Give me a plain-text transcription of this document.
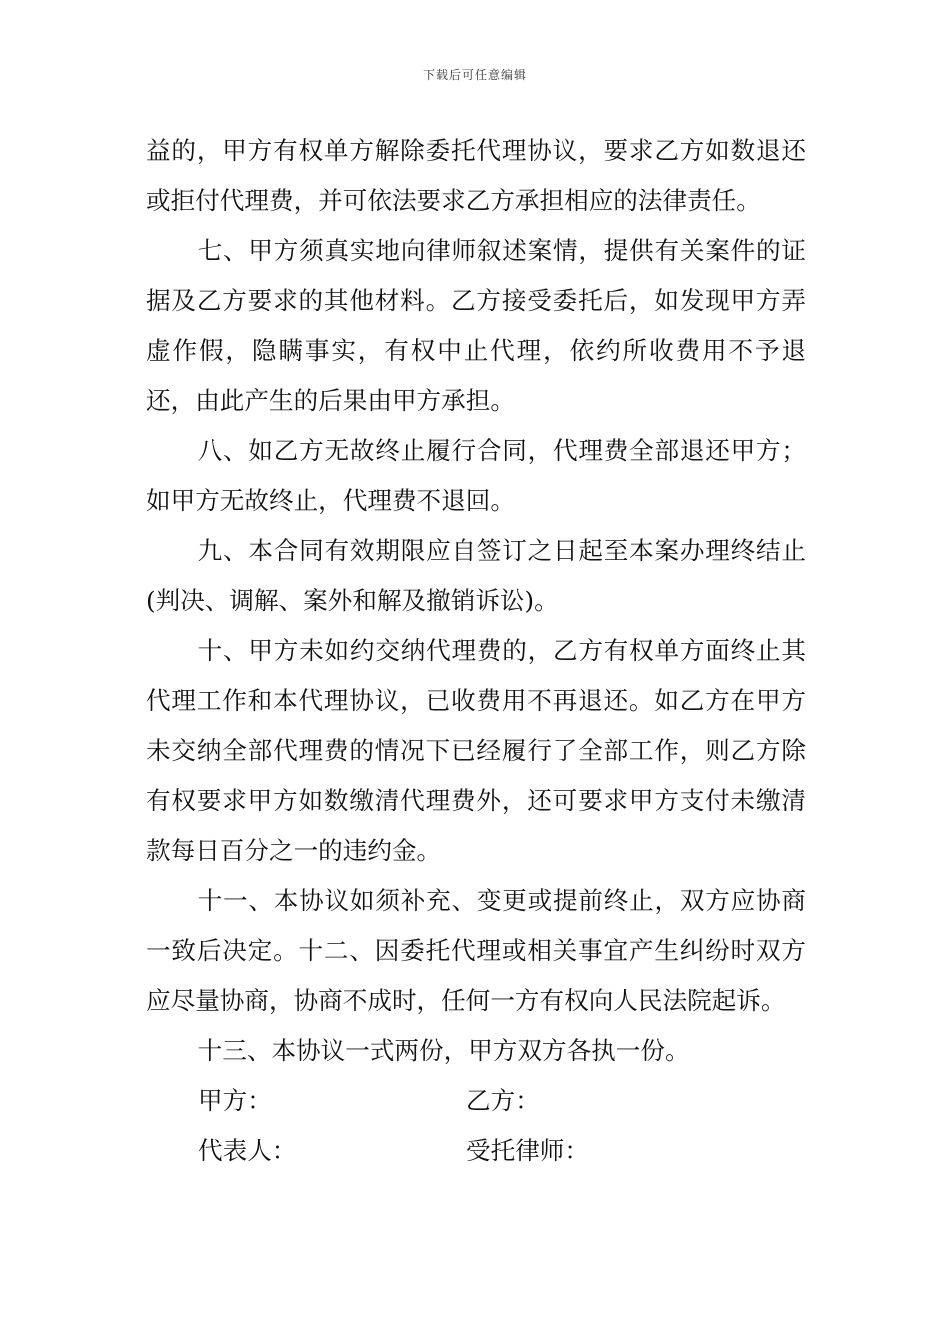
下载后可任意编辑

益的，甲方有权单方解除委托代理协议，要求乙方如数退还或拒付代理费，并可依法要求乙方承担相应的法律责任。

七、甲方须真实地向律师叙述案情，提供有关案件的证据及乙方要求的其他材料。乙方接受委托后，如发现甲方弄虚作假，隐瞒事实，有权中止代理，依约所收费用不予退还，由此产生的后果由甲方承担。

八、如乙方无故终止履行合同，代理费全部退还甲方；如甲方无故终止，代理费不退回。

九、本合同有效期限应自签订之日起至本案办理终结止(判决、调解、案外和解及撤销诉讼)。

十、甲方未如约交纳代理费的，乙方有权单方面终止其代理工作和本代理协议，已收费用不再退还。如乙方在甲方未交纳全部代理费的情况下已经履行了全部工作，则乙方除有权要求甲方如数缴清代理费外，还可要求甲方支付未缴清款每日百分之一的违约金。

十一、本协议如须补充、变更或提前终止，双方应协商一致后决定。十二、因委托代理或相关事宜产生纠纷时双方应尽量协商，协商不成时，任何一方有权向人民法院起诉。

十三、本协议一式两份，甲方双方各执一份。

甲方：	乙方：
代表人：	受托律师：
